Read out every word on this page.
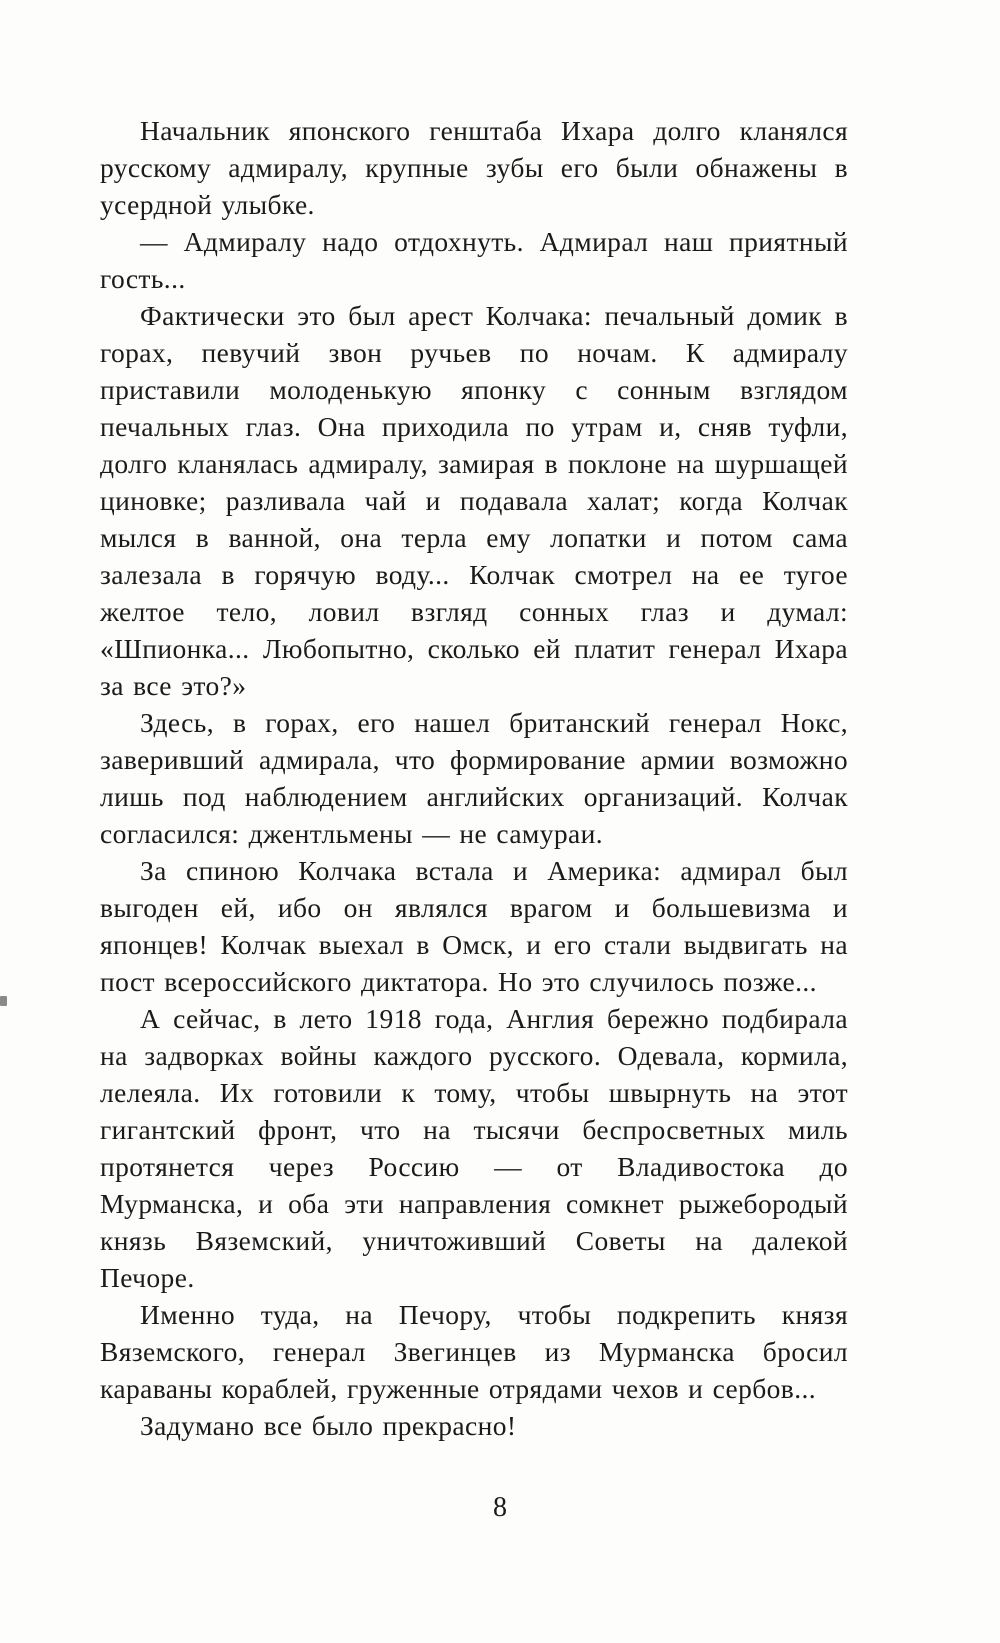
Начальник японского генштаба Ихара долго кланялся русскому адмиралу, крупные зубы его были обнажены в усердной улыбке.

— Адмиралу надо отдохнуть. Адмирал наш приятный гость...

Фактически это был арест Колчака: печальный домик в горах, певучий звон ручьев по ночам. К адмиралу приставили молоденькую японку с сонным взглядом печальных глаз. Она приходила по утрам и, сняв туфли, долго кланялась адмиралу, замирая в поклоне на шуршащей циновке; разливала чай и подавала халат; когда Колчак мылся в ванной, она терла ему лопатки и потом сама залезала в горячую воду... Колчак смотрел на ее тугое желтое тело, ловил взгляд сонных глаз и думал: «Шпионка... Любопытно, сколько ей платит генерал Ихара за все это?»

Здесь, в горах, его нашел британский генерал Нокс, заверивший адмирала, что формирование армии возможно лишь под наблюдением английских организаций. Колчак согласился: джентльмены — не самураи.

За спиною Колчака встала и Америка: адмирал был выгоден ей, ибо он являлся врагом и большевизма и японцев! Колчак выехал в Омск, и его стали выдвигать на пост всероссийского диктатора. Но это случилось позже...

А сейчас, в лето 1918 года, Англия бережно подбирала на задворках войны каждого русского. Одевала, кормила, лелеяла. Их готовили к тому, чтобы швырнуть на этот гигантский фронт, что на тысячи беспросветных миль протянется через Россию — от Владивостока до Мурманска, и оба эти направления сомкнет рыжебородый князь Вяземский, уничтоживший Советы на далекой Печоре.

Именно туда, на Печору, чтобы подкрепить князя Вяземского, генерал Звегинцев из Мурманска бросил караваны кораблей, груженные отрядами чехов и сербов...

Задумано все было прекрасно!

8
